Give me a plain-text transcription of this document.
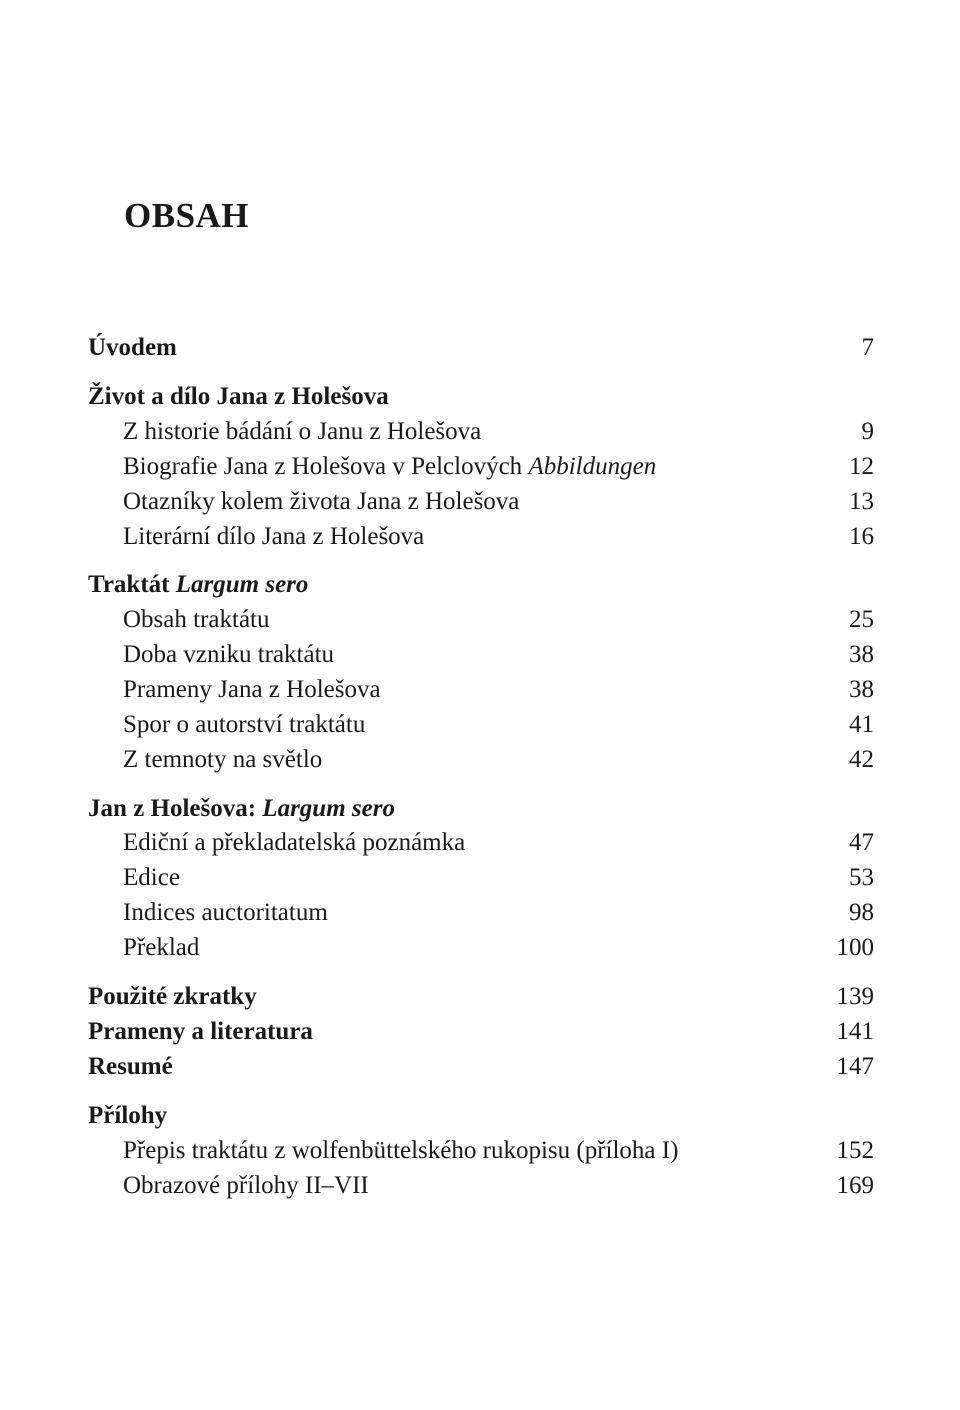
OBSAH
Úvodem	7
Život a dílo Jana z Holešova
Z historie bádání o Janu z Holešova	9
Biografie Jana z Holešova v Pelclových Abbildungen	12
Otazníky kolem života Jana z Holešova	13
Literární dílo Jana z Holešova	16
Traktát Largum sero
Obsah traktátu	25
Doba vzniku traktátu	38
Prameny Jana z Holešova	38
Spor o autorství traktátu	41
Z temnoty na světlo	42
Jan z Holešova: Largum sero
Ediční a překladatelská poznámka	47
Edice	53
Indices auctoritatum	98
Překlad	100
Použité zkratky	139
Prameny a literatura	141
Resumé	147
Přílohy
Přepis traktátu z wolfenbüttelského rukopisu (příloha I)	152
Obrazové přílohy II–VII	169
